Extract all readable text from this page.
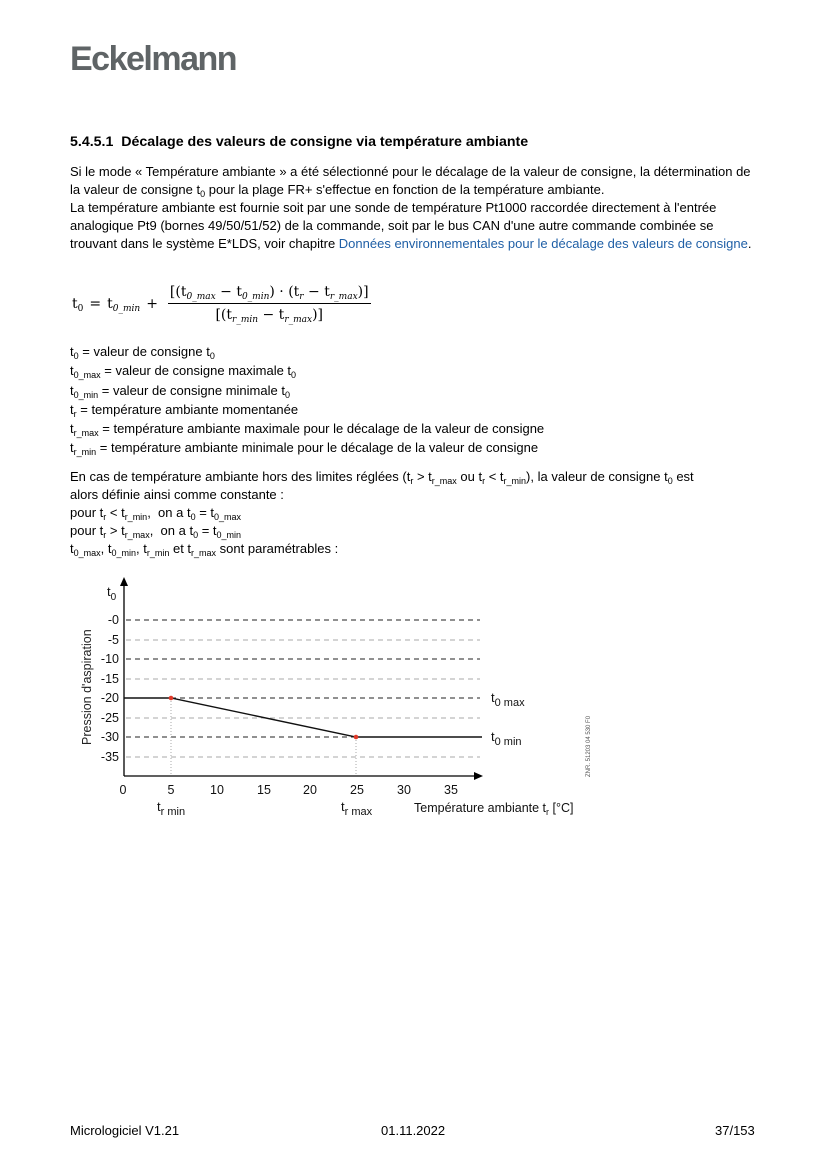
Eckelmann
5.4.5.1 Décalage des valeurs de consigne via température ambiante

Si le mode « Température ambiante » a été sélectionné pour le décalage de la valeur de consigne, la détermination de la valeur de consigne $t_0$ pour la plage FR+ s'effectue en fonction de la température ambiante.

La température ambiante est fournie soit par une sonde de température Pt1000 raccordée directement à l'entrée analogique Pt9 (bornes 49/50/51/52) de la commande, soit par le bus CAN d'une autre commande combinée se trouvant dans le système E*LDS, voir chapitre Données environnementales pour le décalage des valeurs de consigne.

$t_0 = t_{0\_min} + \frac{[(t_{0\_max} - t_{0\_min}) \cdot (t_r - t_{r\_max})]}{[(t_{r\_min} - t_{r\_max})]}$
$t_0$ = valeur de consigne $t_0$
$t_{0\_max}$ = valeur de consigne maximale $t_0$
$t_{0\_min}$ = valeur de consigne minimale $t_0$
$t_r$ = température ambiante momentanée
$t_{r\_max}$ = température ambiante maximale pour le décalage de la valeur de consigne
$t_{r\_min}$ = température ambiante minimale pour le décalage de la valeur de consigne
En cas de température ambiante hors des limites réglées ($t_r > t_{r\_max}$ ou $t_r < t_{r\_min}$), la valeur de consigne $t_0$ est
alors définie ainsi comme constante :
pour $t_r < t_{r\_min}$,  on a $t_0 = t_{0\_max}$
pour $t_r > t_{r\_max}$,  on a $t_0 = t_{0\_min}$
$t_{0\_max}$, $t_{0\_min}$, $t_{r\_min}$ et $t_{r\_max}$ sont paramétrables :
-0
-5
-10
-15
-20
-25
-30
-35
0	5	10	15	20	25	30	35
Pression d'aspiration
$t_0$
$t_{0 max}$
$t_{0 min}$
$t_{r min}$	$t_{r max}$	Température ambiante $t_r$ [°C]
ZNR. 51203 04 530 F0
Micrologiciel V1.21	01.11.2022	37/153
